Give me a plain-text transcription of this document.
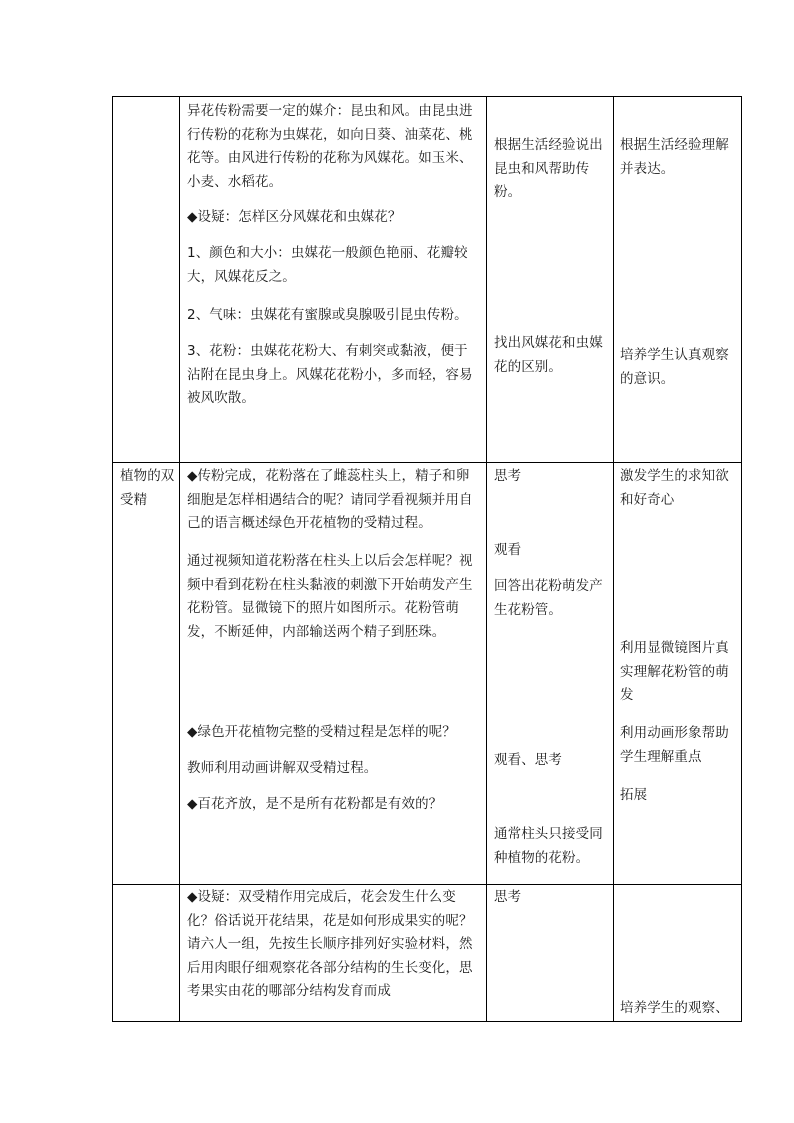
异花传粉需要一定的媒介：昆虫和风。由昆虫进行传粉的花称为虫媒花，如向日葵、油菜花、桃花等。由风进行传粉的花称为风媒花。如玉米、小麦、水稻花。

◆设疑：怎样区分风媒花和虫媒花？

1、颜色和大小：虫媒花一般颜色艳丽、花瓣较大，风媒花反之。

2、气味：虫媒花有蜜腺或臭腺吸引昆虫传粉。

3、花粉：虫媒花花粉大、有刺突或黏液，便于沾附在昆虫身上。风媒花花粉小，多而轻，容易被风吹散。

根据生活经验说出昆虫和风帮助传粉。

找出风媒花和虫媒花的区别。

根据生活经验理解并表达。

培养学生认真观察的意识。

植物的双受精

◆传粉完成，花粉落在了雌蕊柱头上，精子和卵细胞是怎样相遇结合的呢？请同学看视频并用自己的语言概述绿色开花植物的受精过程。

通过视频知道花粉落在柱头上以后会怎样呢？视频中看到花粉在柱头黏液的刺激下开始萌发产生花粉管。显微镜下的照片如图所示。花粉管萌发，不断延伸，内部输送两个精子到胚珠。

◆绿色开花植物完整的受精过程是怎样的呢？

教师利用动画讲解双受精过程。

◆百花齐放，是不是所有花粉都是有效的？

思考

观看

回答出花粉萌发产生花粉管。

观看、思考

通常柱头只接受同种植物的花粉。

激发学生的求知欲和好奇心

利用显微镜图片真实理解花粉管的萌发

利用动画形象帮助学生理解重点

拓展

◆设疑：双受精作用完成后，花会发生什么变化？俗话说开花结果，花是如何形成果实的呢？请六人一组，先按生长顺序排列好实验材料，然后用肉眼仔细观察花各部分结构的生长变化，思考果实由花的哪部分结构发育而成

思考

培养学生的观察、
